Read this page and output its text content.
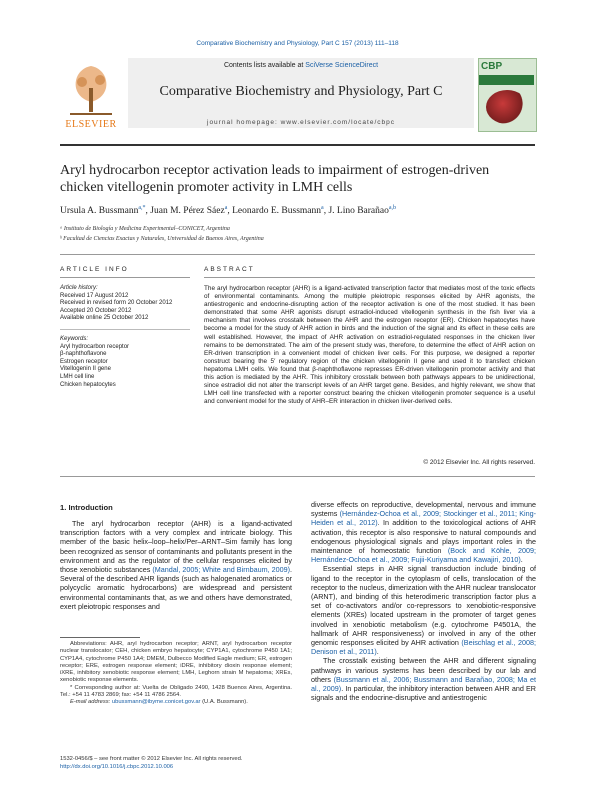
Comparative Biochemistry and Physiology, Part C 157 (2013) 111–118
ELSEVIER
Contents lists available at SciVerse ScienceDirect
Comparative Biochemistry and Physiology, Part C
journal homepage: www.elsevier.com/locate/cbpc
CBP
Aryl hydrocarbon receptor activation leads to impairment of estrogen-driven chicken vitellogenin promoter activity in LMH cells
Ursula A. Bussmann$^{a,*}$, Juan M. Pérez Sáez$^a$, Leonardo E. Bussmann$^a$, J. Lino Barañao$^{a,b}$
ᵃ Instituto de Biología y Medicina Experimental–CONICET, Argentina
ᵇ Facultad de Ciencias Exactas y Naturales, Universidad de Buenos Aires, Argentina
ARTICLE INFO	ABSTRACT
Article history:
Received 17 August 2012
Received in revised form 20 October 2012
Accepted 20 October 2012
Available online 25 October 2012
Keywords:
Aryl hydrocarbon receptor
β-naphthoflavone
Estrogen receptor
Vitellogenin II gene
LMH cell line
Chicken hepatocytes
The aryl hydrocarbon receptor (AHR) is a ligand-activated transcription factor that mediates most of the toxic effects of environmental contaminants. Among the multiple pleiotropic responses elicited by AHR agonists, the antiestrogenic and endocrine-disrupting action of the receptor activation is one of the most studied. It has been demonstrated that some AHR agonists disrupt estradiol-induced vitellogenin synthesis in the fish liver via a mechanism that involves crosstalk between the AHR and the estrogen receptor (ER). Chicken hepatocytes have become a model for the study of AHR action in birds and the induction of the signal and its effect in these cells are well established. However, the impact of AHR activation on estradiol-regulated responses in the chicken liver remains to be demonstrated. The aim of the present study was, therefore, to determine the effect of AHR action on ER-driven transcription in a convenient model of chicken liver cells. For this purpose, we designed a reporter construct bearing the 5′ regulatory region of the chicken vitellogenin II gene and used it to transfect chicken hepatoma LMH cells. We found that β-naphthoflavone represses ER-driven vitellogenin promoter activity and that this action is mediated by the AHR. This inhibitory crosstalk between both pathways appears to be unidirectional, since estradiol did not alter the transcript levels of an AHR target gene. Besides, and highly relevant, we show that LMH cell line transfected with a reporter construct bearing the chicken vitellogenin promoter sequence is a useful and convenient model for the study of AHR–ER interaction in chicken liver-derived cells.
© 2012 Elsevier Inc. All rights reserved.
1. Introduction

The aryl hydrocarbon receptor (AHR) is a ligand-activated transcription factors with a very complex and intricate biology. This member of the basic helix–loop–helix/Per–ARNT–Sim family has long been recognized as sensor of contaminants and pollutants present in the environment and as the regulator of the cellular responses elicited by those xenobiotic substances (Mandal, 2005; White and Birnbaum, 2009). Several of the described AHR ligands (such as halogenated aromatics or polycyclic aromatic hydrocarbons) are widespread and persistent environmental contaminants that, as we and others have demonstrated, exert pleiotropic responses and

diverse effects on reproductive, developmental, nervous and immune systems (Hernández-Ochoa et al., 2009; Stockinger et al., 2011; King-Heiden et al., 2012). In addition to the toxicological actions of AHR activation, this receptor is also responsive to natural compounds and endogenous physiological signals and plays important roles in the maintenance of homeostatic function (Bock and Köhle, 2009; Hernández-Ochoa et al., 2009; Fujii-Kuriyama and Kawajiri, 2010).

Essential steps in AHR signal transduction include binding of ligand to the receptor in the cytoplasm of cells, translocation of the receptor to the nucleus, dimerization with the AHR nuclear translocator (ARNT), and binding of this heterodimeric transcription factor plus a set of co-activators and/or co-repressors to xenobiotic-responsive elements (XREs) located upstream in the promoter of target genes involved in xenobiotic metabolism (e.g. cytochrome P4501A, the hallmark of AHR responsiveness) or involved in any of the other genomic responses elicited by AHR activation (Beischlag et al., 2008; Denison et al., 2011).

The crosstalk existing between the AHR and different signaling pathways in various systems has been described by our lab and others (Bussmann et al., 2006; Bussmann and Barañao, 2008; Ma et al., 2009). In particular, the inhibitory interaction between AHR and ER signals and the endocrine-disruptive and antiestrogenic

Abbreviations: AHR, aryl hydrocarbon receptor; ARNT, aryl hydrocarbon receptor nuclear translocator; CEH, chicken embryo hepatocyte; CYP1A1, cytochrome P450 1A1; CYP1A4, cytochrome P450 1A4; DMEM, Dulbecco Modified Eagle medium; ER, estrogen receptor; ERE, estrogen response element; iDRE, inhibitory dioxin response element; iXRE, inhibitory xenobiotic response element; LMH, Leghorn strain M hepatoma; XREs, xenobiotic response elements.
* Corresponding author at: Vuelta de Obligado 2490, 1428 Buenos Aires, Argentina. Tel.: +54 11 4783 2869; fax: +54 11 4786 2564.
E-mail address: ubussmann@ibyme.conicet.gov.ar (U.A. Bussmann).
1532-0456/$ – see front matter © 2012 Elsevier Inc. All rights reserved.
http://dx.doi.org/10.1016/j.cbpc.2012.10.006
